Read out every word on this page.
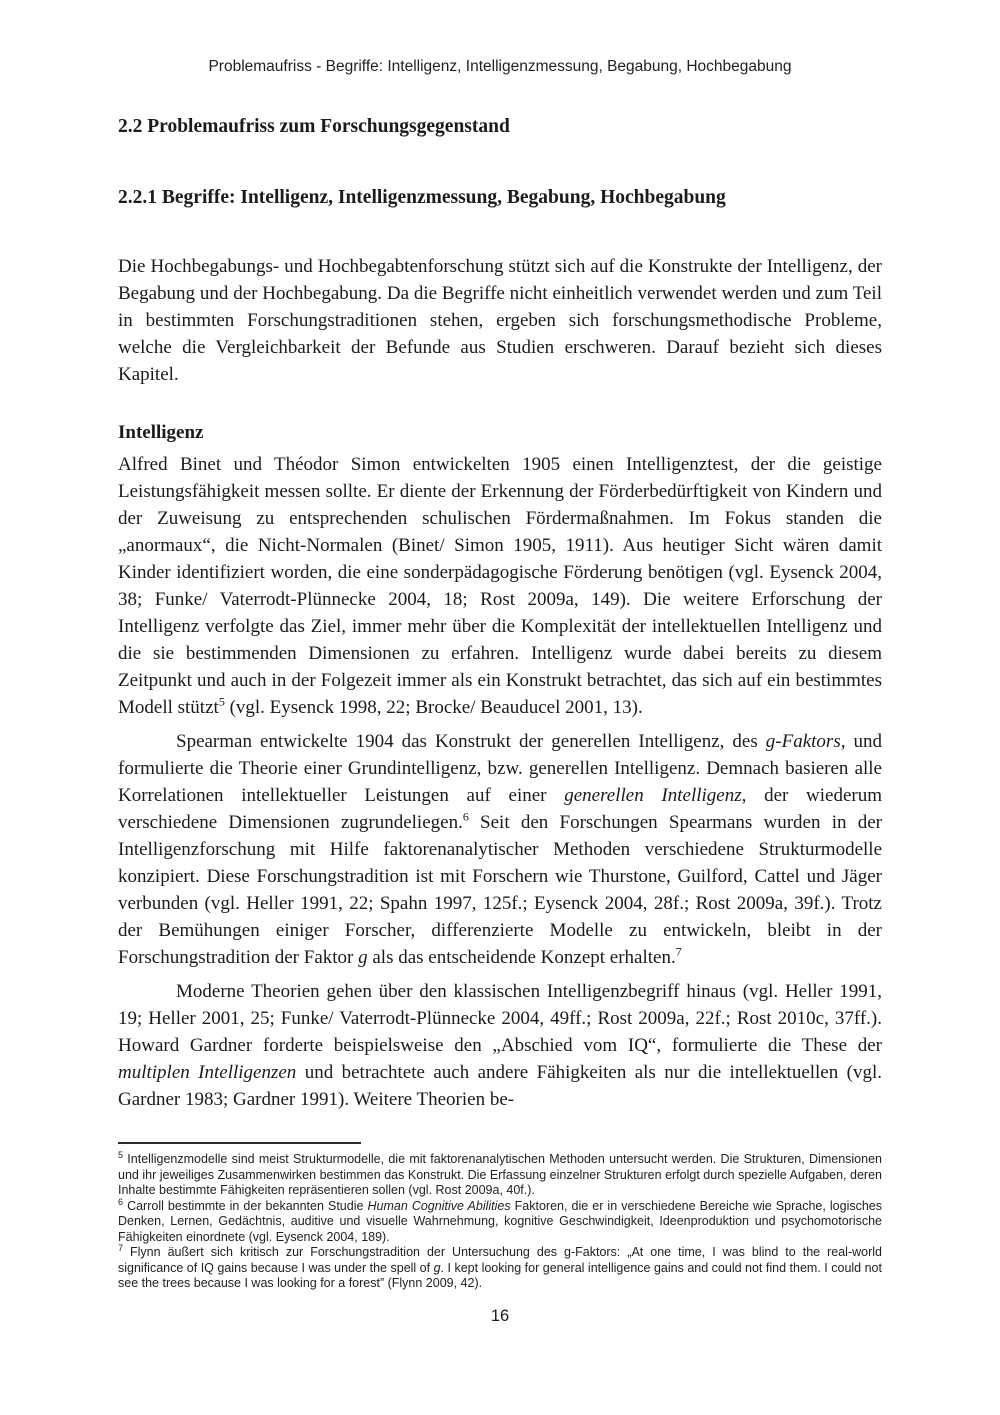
Problemaufriss - Begriffe: Intelligenz, Intelligenzmessung, Begabung, Hochbegabung
2.2 Problemaufriss zum Forschungsgegenstand
2.2.1 Begriffe: Intelligenz, Intelligenzmessung, Begabung, Hochbegabung

Die Hochbegabungs- und Hochbegabtenforschung stützt sich auf die Konstrukte der Intelligenz, der Begabung und der Hochbegabung. Da die Begriffe nicht einheitlich verwendet werden und zum Teil in bestimmten Forschungstraditionen stehen, ergeben sich forschungsmethodische Probleme, welche die Vergleichbarkeit der Befunde aus Studien erschweren. Darauf bezieht sich dieses Kapitel.

Intelligenz

Alfred Binet und Théodor Simon entwickelten 1905 einen Intelligenztest, der die geistige Leistungsfähigkeit messen sollte. Er diente der Erkennung der Förderbedürftigkeit von Kindern und der Zuweisung zu entsprechenden schulischen Fördermaßnahmen. Im Fokus standen die „anormaux“, die Nicht-Normalen (Binet/ Simon 1905, 1911). Aus heutiger Sicht wären damit Kinder identifiziert worden, die eine sonderpädagogische Förderung benötigen (vgl. Eysenck 2004, 38; Funke/ Vaterrodt-Plünnecke 2004, 18; Rost 2009a, 149). Die weitere Erforschung der Intelligenz verfolgte das Ziel, immer mehr über die Komplexität der intellektuellen Intelligenz und die sie bestimmenden Dimensionen zu erfahren. Intelligenz wurde dabei bereits zu diesem Zeitpunkt und auch in der Folgezeit immer als ein Konstrukt betrachtet, das sich auf ein bestimmtes Modell stützt$^5$ (vgl. Eysenck 1998, 22; Brocke/ Beauducel 2001, 13).

Spearman entwickelte 1904 das Konstrukt der generellen Intelligenz, des g-Faktors, und formulierte die Theorie einer Grundintelligenz, bzw. generellen Intelligenz. Demnach basieren alle Korrelationen intellektueller Leistungen auf einer generellen Intelligenz, der wiederum verschiedene Dimensionen zugrundeliegen.$^6$ Seit den Forschungen Spearmans wurden in der Intelligenzforschung mit Hilfe faktorenanalytischer Methoden verschiedene Strukturmodelle konzipiert. Diese Forschungstradition ist mit Forschern wie Thurstone, Guilford, Cattel und Jäger verbunden (vgl. Heller 1991, 22; Spahn 1997, 125f.; Eysenck 2004, 28f.; Rost 2009a, 39f.). Trotz der Bemühungen einiger Forscher, differenzierte Modelle zu entwickeln, bleibt in der Forschungstradition der Faktor g als das entscheidende Konzept erhalten.$^7$

Moderne Theorien gehen über den klassischen Intelligenzbegriff hinaus (vgl. Heller 1991, 19; Heller 2001, 25; Funke/ Vaterrodt-Plünnecke 2004, 49ff.; Rost 2009a, 22f.; Rost 2010c, 37ff.). Howard Gardner forderte beispielsweise den „Abschied vom IQ“, formulierte die These der multiplen Intelligenzen und betrachtete auch andere Fähigkeiten als nur die intellektuellen (vgl. Gardner 1983; Gardner 1991). Weitere Theorien be-

$^5$ Intelligenzmodelle sind meist Strukturmodelle, die mit faktorenanalytischen Methoden untersucht werden. Die Strukturen, Dimensionen und ihr jeweiliges Zusammenwirken bestimmen das Konstrukt. Die Erfassung einzelner Strukturen erfolgt durch spezielle Aufgaben, deren Inhalte bestimmte Fähigkeiten repräsentieren sollen (vgl. Rost 2009a, 40f.).

$^6$ Carroll bestimmte in der bekannten Studie Human Cognitive Abilities Faktoren, die er in verschiedene Bereiche wie Sprache, logisches Denken, Lernen, Gedächtnis, auditive und visuelle Wahrnehmung, kognitive Geschwindigkeit, Ideenproduktion und psychomotorische Fähigkeiten einordnete (vgl. Eysenck 2004, 189).

$^7$ Flynn äußert sich kritisch zur Forschungstradition der Untersuchung des g-Faktors: „At one time, I was blind to the real-world significance of IQ gains because I was under the spell of g. I kept looking for general intelligence gains and could not find them. I could not see the trees because I was looking for a forest” (Flynn 2009, 42).

16
